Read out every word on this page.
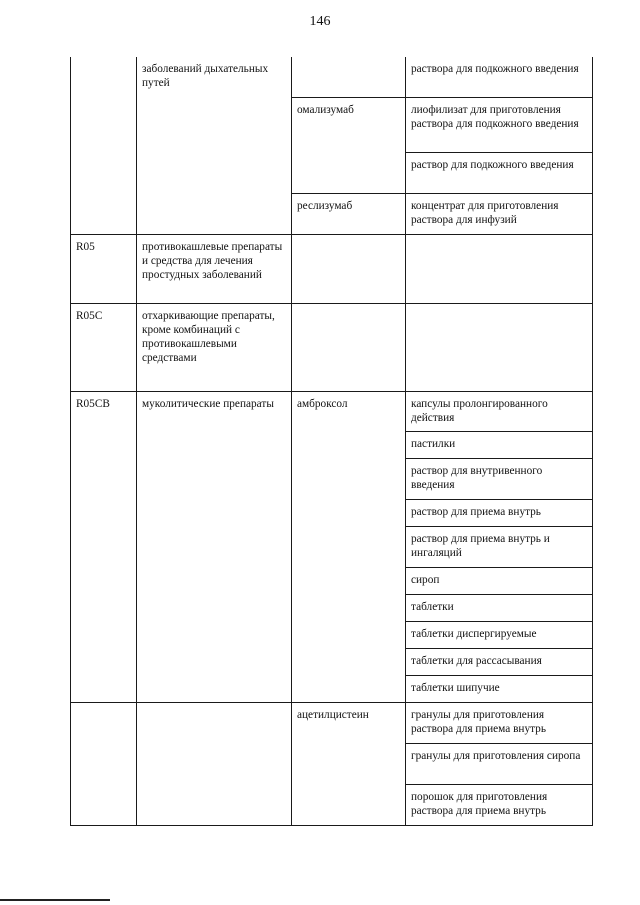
146
	заболеваний дыхательных путей		раствора для подкожного введения
		омализумаб	лиофилизат для приготовления раствора для подкожного введения
			раствор для подкожного введения
		реслизумаб	концентрат для приготовления раствора для инфузий
R05	противокашлевые препараты и средства для лечения простудных заболеваний		
R05C	отхаркивающие препараты, кроме комбинаций с противокашлевыми средствами		
R05CB	муколитические препараты	амброксол	капсулы пролонгированного действия
			пастилки
			раствор для внутривенного введения
			раствор для приема внутрь
			раствор для приема внутрь и ингаляций
			сироп
			таблетки
			таблетки диспергируемые
			таблетки для рассасывания
			таблетки шипучие
		ацетилцистеин	гранулы для приготовления раствора для приема внутрь
			гранулы для приготовления сиропа
			порошок для приготовления раствора для приема внутрь
